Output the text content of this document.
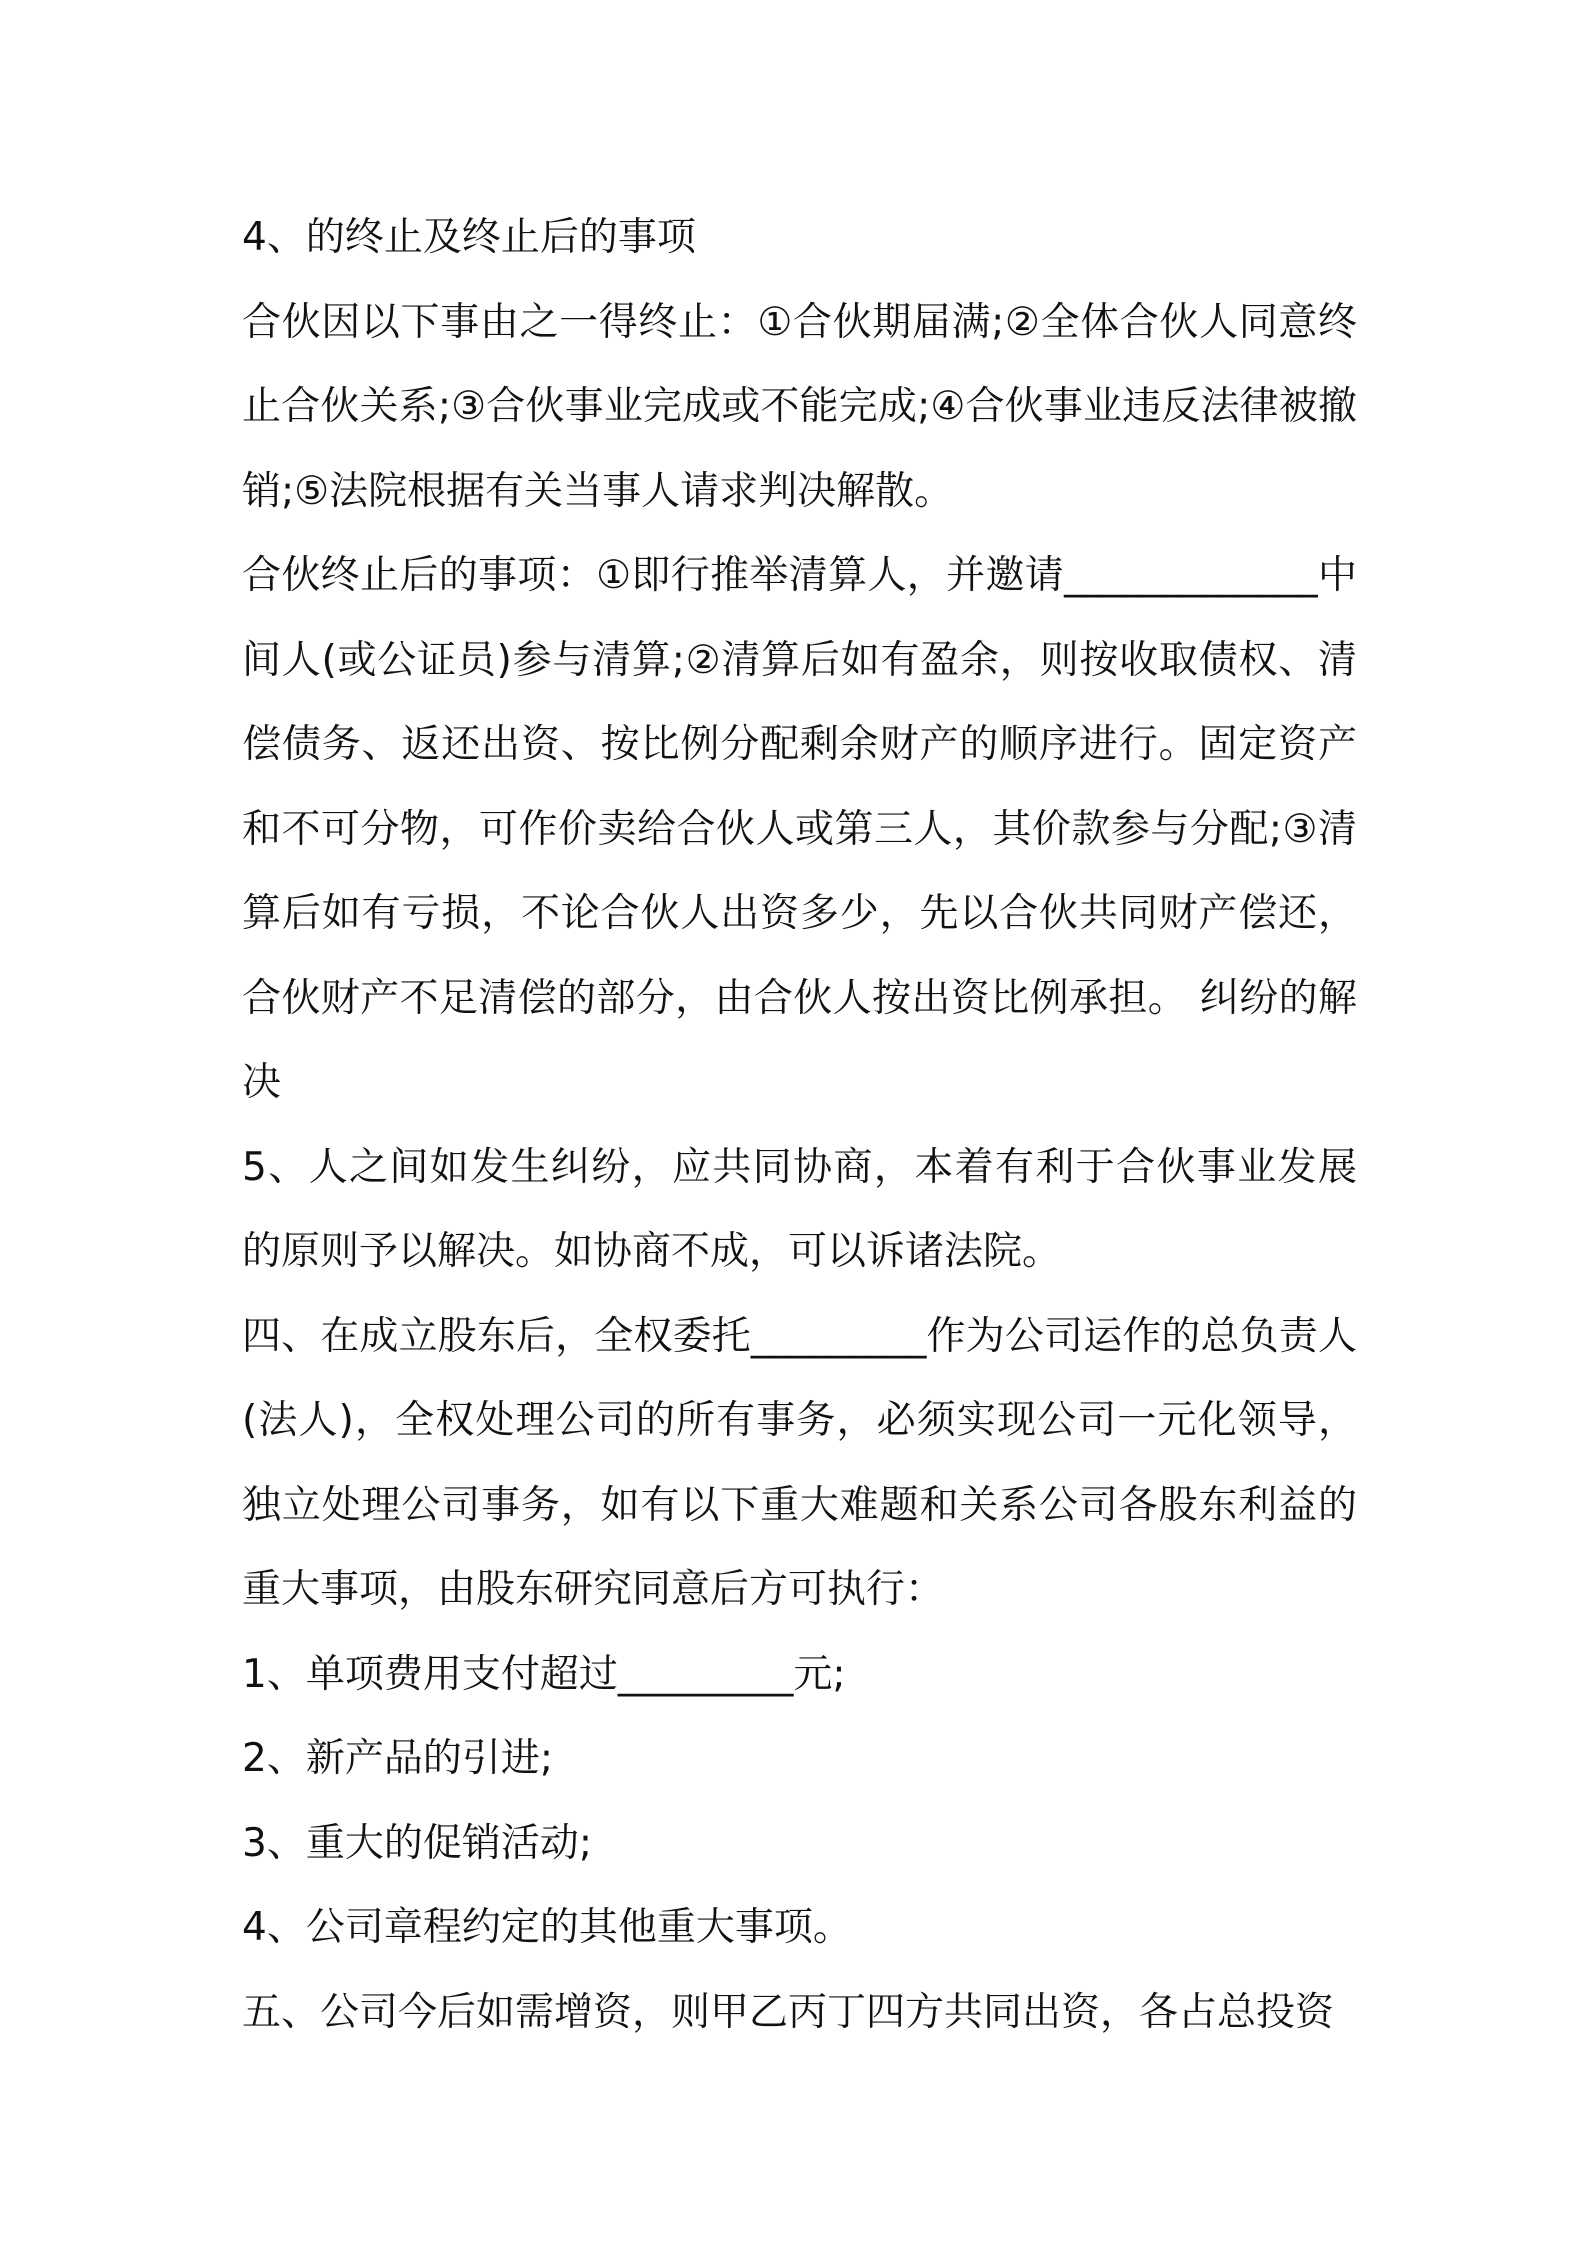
4、的终止及终止后的事项

合伙因以下事由之一得终止：①合伙期届满;②全体合伙人同意终止合伙关系;③合伙事业完成或不能完成;④合伙事业违反法律被撤销;⑤法院根据有关当事人请求判决解散。

合伙终止后的事项：①即行推举清算人，并邀请_____________中间人(或公证员)参与清算;②清算后如有盈余，则按收取债权、清偿债务、返还出资、按比例分配剩余财产的顺序进行。固定资产和不可分物，可作价卖给合伙人或第三人，其价款参与分配;③清算后如有亏损，不论合伙人出资多少，先以合伙共同财产偿还，合伙财产不足清偿的部分，由合伙人按出资比例承担。 纠纷的解决

5、人之间如发生纠纷，应共同协商，本着有利于合伙事业发展的原则予以解决。如协商不成，可以诉诸法院。

四、在成立股东后，全权委托_________作为公司运作的总负责人(法人)，全权处理公司的所有事务，必须实现公司一元化领导，独立处理公司事务，如有以下重大难题和关系公司各股东利益的重大事项，由股东研究同意后方可执行：

1、单项费用支付超过_________元;

2、新产品的引进;

3、重大的促销活动;

4、公司章程约定的其他重大事项。

五、公司今后如需增资，则甲乙丙丁四方共同出资，各占总投资
